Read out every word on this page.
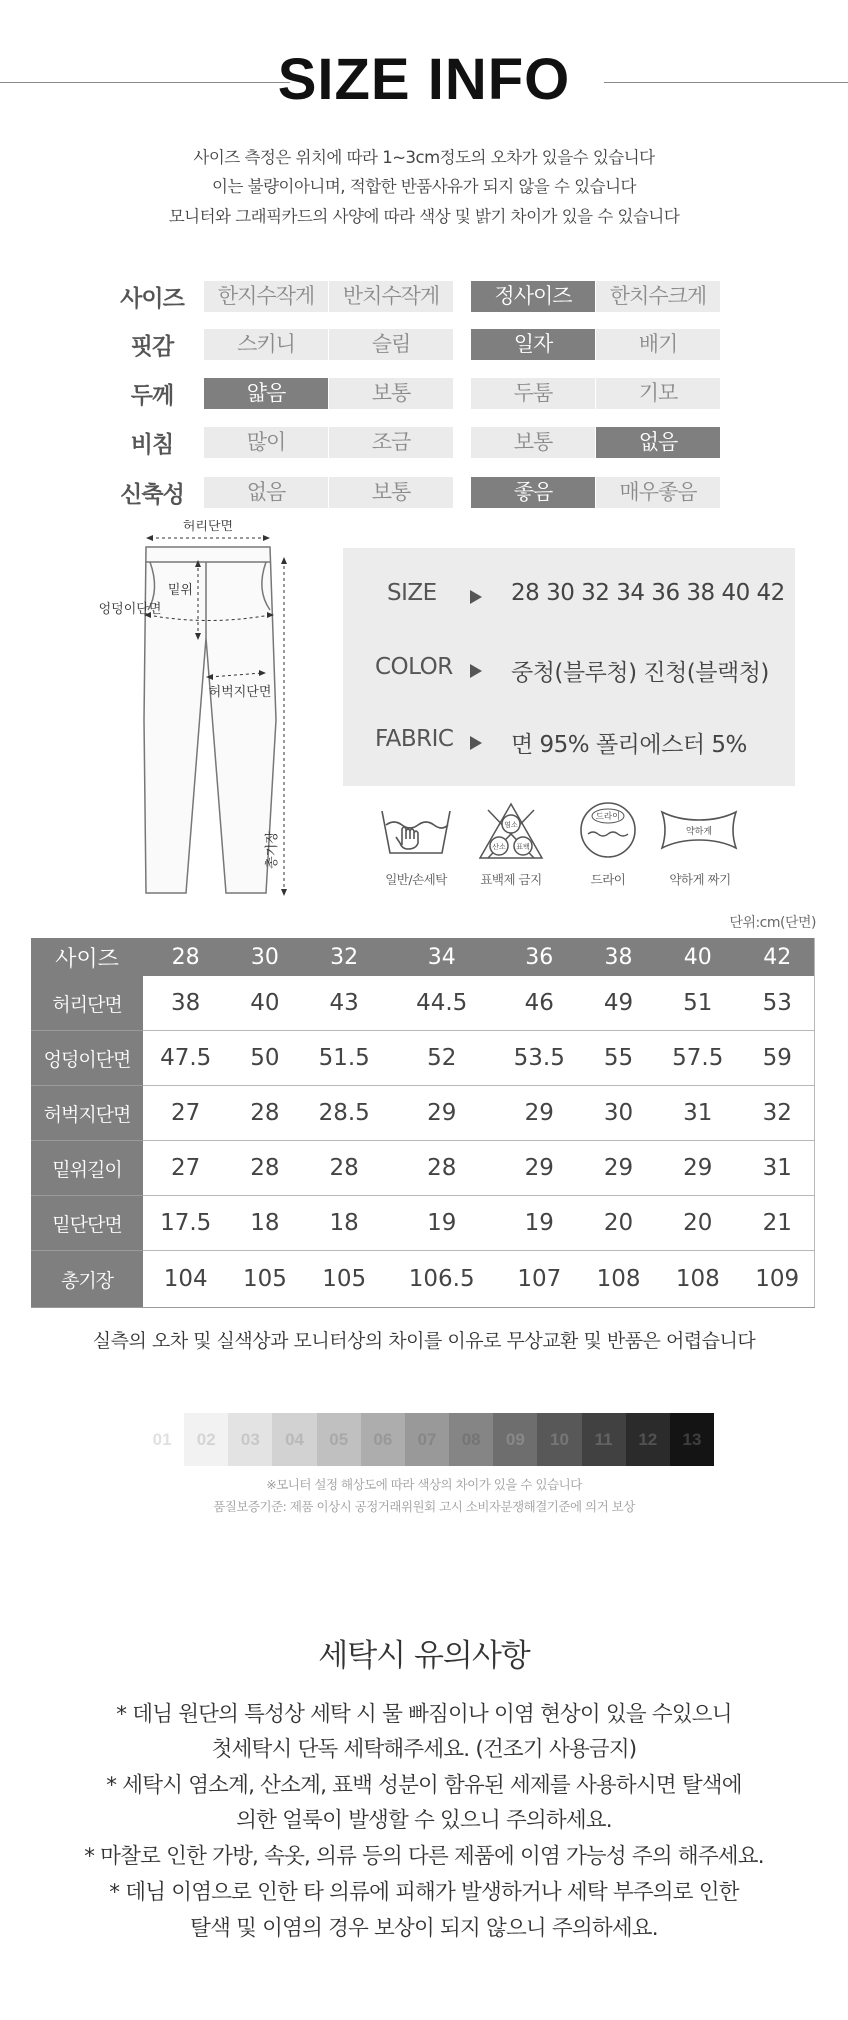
SIZE INFO
사이즈 측정은 위치에 따라 1~3cm정도의 오차가 있을수 있습니다
이는 불량이아니며, 적합한 반품사유가 되지 않을 수 있습니다
모니터와 그래픽카드의 사양에 따라 색상 및 밝기 차이가 있을 수 있습니다
사이즈	한지수작게	반치수작게	정사이즈	한치수크게
핏감	스키니	슬림	일자	배기
두께	얇음	보통	두툼	기모
비침	많이	조금	보통	없음
신축성	없음	보통	좋음	매우좋음
허리단면
밑위
엉덩이단면
허벅지단면
총기장
SIZE	28 30 32 34 36 38 40 42
COLOR	중청(블루청) 진청(블랙청)
FABRIC	면 95% 폴리에스터 5%
일반/손세탁
염소
산소 표백
표백제 금지
드라이
드라이
약하게
약하게 짜기
단위:cm(단면)
사이즈	28	30	32	34	36	38	40	42
허리단면	38	40	43	44.5	46	49	51	53
엉덩이단면	47.5	50	51.5	52	53.5	55	57.5	59
허벅지단면	27	28	28.5	29	29	30	31	32
밑위길이	27	28	28	28	29	29	29	31
밑단단면	17.5	18	18	19	19	20	20	21
총기장	104	105	105	106.5	107	108	108	109
실측의 오차 및 실색상과 모니터상의 차이를 이유로 무상교환 및 반품은 어렵습니다
01	02	03	04	05	06	07	08	09	10	11	12	13
※모니터 설정 해상도에 따라 색상의 차이가 있을 수 있습니다
품질보증기준: 제품 이상시 공정거래위원회 고시 소비자분쟁해결기준에 의거 보상
세탁시 유의사항
* 데님 원단의 특성상 세탁 시 물 빠짐이나 이염 현상이 있을 수있으니
첫세탁시 단독 세탁해주세요. (건조기 사용금지)
* 세탁시 염소계, 산소계, 표백 성분이 함유된 세제를 사용하시면 탈색에
의한 얼룩이 발생할 수 있으니 주의하세요.
* 마찰로 인한 가방, 속옷, 의류 등의 다른 제품에 이염 가능성 주의 해주세요.
* 데님 이염으로 인한 타 의류에 피해가 발생하거나 세탁 부주의로 인한
탈색 및 이염의 경우 보상이 되지 않으니 주의하세요.
